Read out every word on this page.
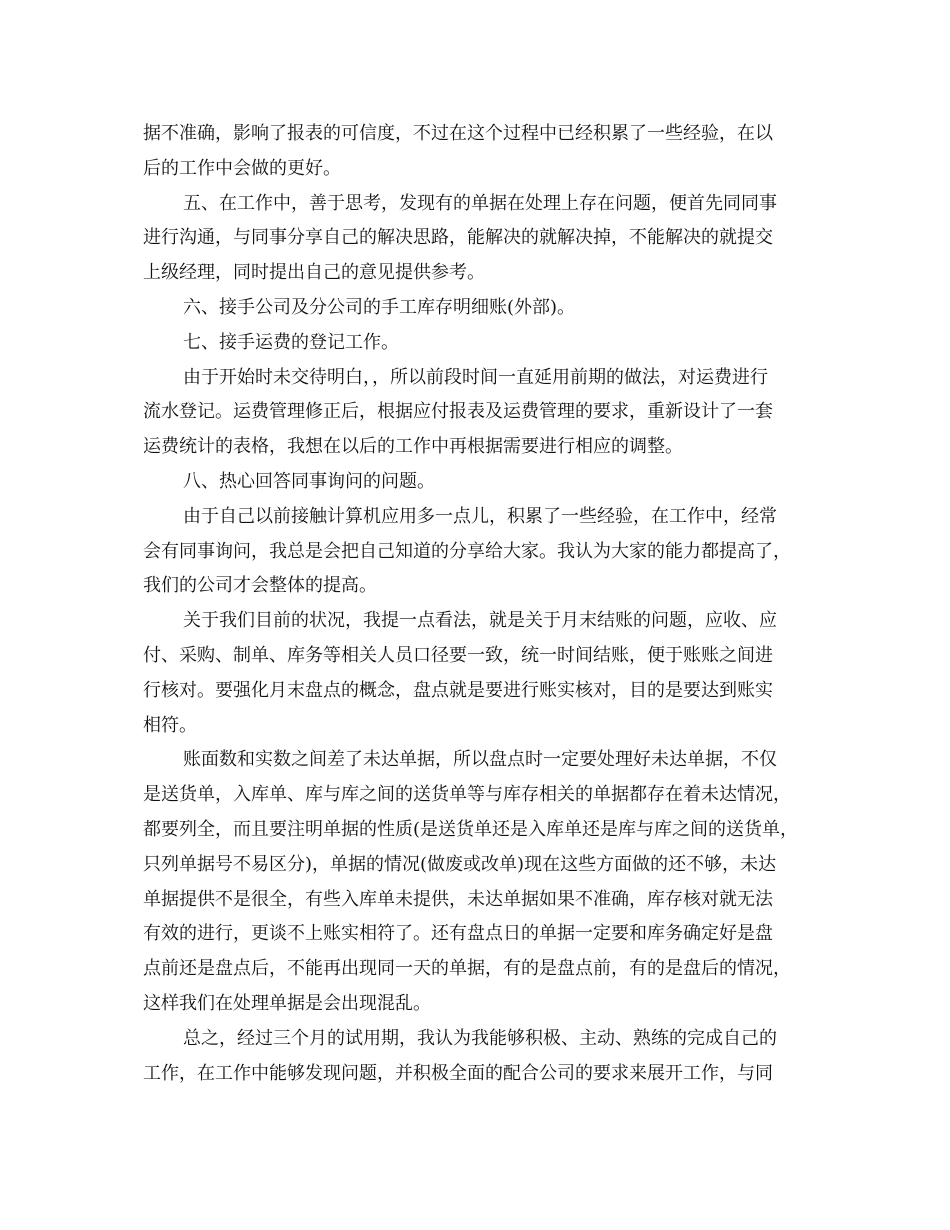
据不准确，影响了报表的可信度，不过在这个过程中已经积累了一些经验，在以
后的工作中会做的更好。
五、在工作中，善于思考，发现有的单据在处理上存在问题，便首先同同事
进行沟通，与同事分享自己的解决思路，能解决的就解决掉，不能解决的就提交
上级经理，同时提出自己的意见提供参考。
六、接手公司及分公司的手工库存明细账(外部)。
七、接手运费的登记工作。
由于开始时未交待明白，，所以前段时间一直延用前期的做法，对运费进行
流水登记。运费管理修正后，根据应付报表及运费管理的要求，重新设计了一套
运费统计的表格，我想在以后的工作中再根据需要进行相应的调整。
八、热心回答同事询问的问题。
由于自己以前接触计算机应用多一点儿，积累了一些经验，在工作中，经常
会有同事询问，我总是会把自己知道的分享给大家。我认为大家的能力都提高了，
我们的公司才会整体的提高。
关于我们目前的状况，我提一点看法，就是关于月末结账的问题，应收、应
付、采购、制单、库务等相关人员口径要一致，统一时间结账，便于账账之间进
行核对。要强化月末盘点的概念，盘点就是要进行账实核对，目的是要达到账实
相符。
账面数和实数之间差了未达单据，所以盘点时一定要处理好未达单据，不仅
是送货单，入库单、库与库之间的送货单等与库存相关的单据都存在着未达情况，
都要列全，而且要注明单据的性质(是送货单还是入库单还是库与库之间的送货单，
只列单据号不易区分)，单据的情况(做废或改单)现在这些方面做的还不够，未达
单据提供不是很全，有些入库单未提供，未达单据如果不准确，库存核对就无法
有效的进行，更谈不上账实相符了。还有盘点日的单据一定要和库务确定好是盘
点前还是盘点后，不能再出现同一天的单据，有的是盘点前，有的是盘后的情况，
这样我们在处理单据是会出现混乱。
总之，经过三个月的试用期，我认为我能够积极、主动、熟练的完成自己的
工作，在工作中能够发现问题，并积极全面的配合公司的要求来展开工作，与同
